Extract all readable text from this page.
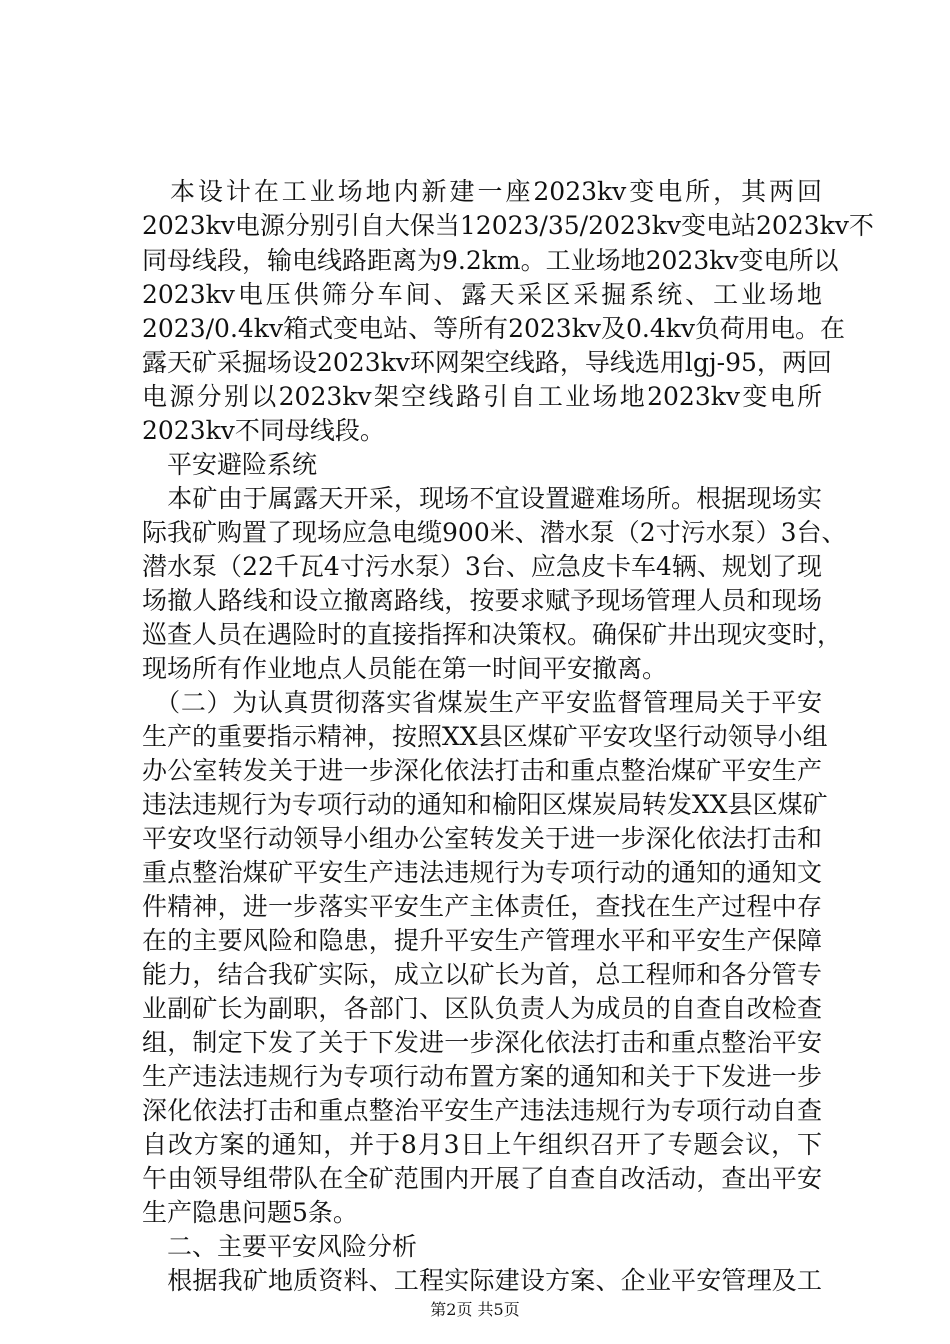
　本设计在工业场地内新建一座2023kv变电所，其两回
2023kv电源分别引自大保当12023/35/2023kv变电站2023kv不
同母线段，输电线路距离为9.2km。工业场地2023kv变电所以
2023kv电压供筛分车间、露天采区采掘系统、工业场地
2023/0.4kv箱式变电站、等所有2023kv及0.4kv负荷用电。在
露天矿采掘场设2023kv环网架空线路，导线选用lgj-95，两回
电源分别以2023kv架空线路引自工业场地2023kv变电所
2023kv不同母线段。
　平安避险系统
　本矿由于属露天开采，现场不宜设置避难场所。根据现场实
际我矿购置了现场应急电缆900米、潜水泵（2寸污水泵）3台、
潜水泵（22千瓦4寸污水泵）3台、应急皮卡车4辆、规划了现
场撤人路线和设立撤离路线，按要求赋予现场管理人员和现场
巡查人员在遇险时的直接指挥和决策权。确保矿井出现灾变时，
现场所有作业地点人员能在第一时间平安撤离。
　（二）为认真贯彻落实省煤炭生产平安监督管理局关于平安
生产的重要指示精神，按照XX县区煤矿平安攻坚行动领导小组
办公室转发关于进一步深化依法打击和重点整治煤矿平安生产
违法违规行为专项行动的通知和榆阳区煤炭局转发XX县区煤矿
平安攻坚行动领导小组办公室转发关于进一步深化依法打击和
重点整治煤矿平安生产违法违规行为专项行动的通知的通知文
件精神，进一步落实平安生产主体责任，查找在生产过程中存
在的主要风险和隐患，提升平安生产管理水平和平安生产保障
能力，结合我矿实际，成立以矿长为首，总工程师和各分管专
业副矿长为副职，各部门、区队负责人为成员的自查自改检查
组，制定下发了关于下发进一步深化依法打击和重点整治平安
生产违法违规行为专项行动布置方案的通知和关于下发进一步
深化依法打击和重点整治平安生产违法违规行为专项行动自查
自改方案的通知，并于8月3日上午组织召开了专题会议，下
午由领导组带队在全矿范围内开展了自查自改活动，查出平安
生产隐患问题5条。
　二、主要平安风险分析
　根据我矿地质资料、工程实际建设方案、企业平安管理及工
第2页 共5页
